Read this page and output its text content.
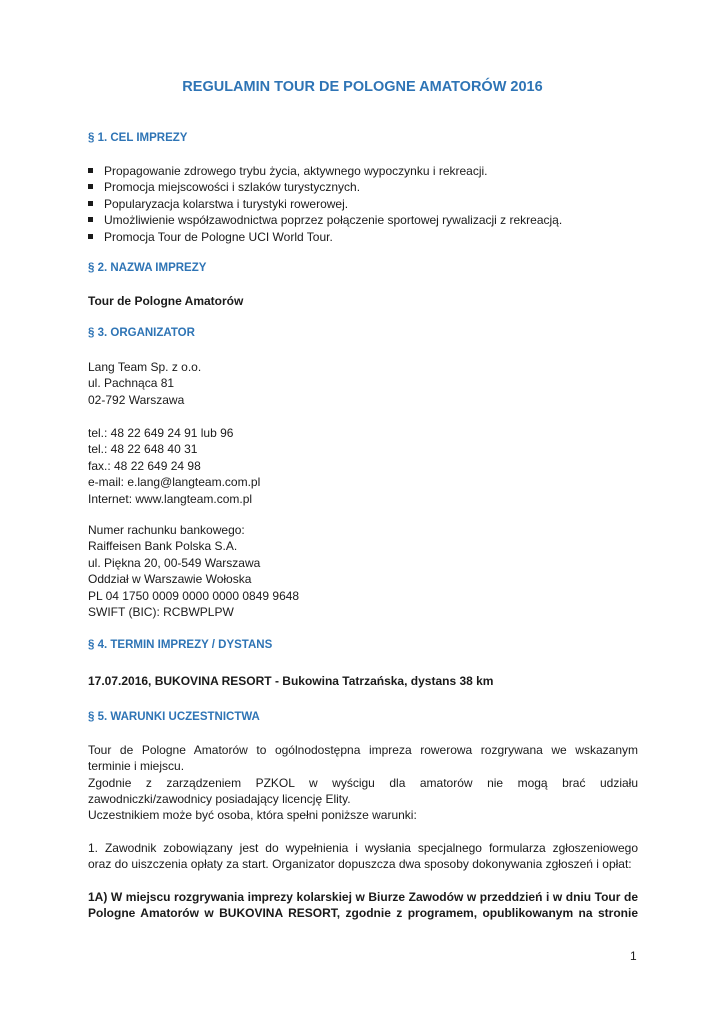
REGULAMIN TOUR DE POLOGNE AMATORÓW 2016
§ 1. CEL IMPREZY
Propagowanie zdrowego trybu życia, aktywnego wypoczynku i rekreacji.
Promocja miejscowości i szlaków turystycznych.
Popularyzacja kolarstwa i turystyki rowerowej.
Umożliwienie współzawodnictwa poprzez połączenie sportowej rywalizacji z rekreacją.
Promocja Tour de Pologne UCI World Tour.
§ 2. NAZWA IMPREZY
Tour de Pologne Amatorów
§ 3. ORGANIZATOR
Lang Team Sp. z o.o.
ul. Pachnąca 81
02-792 Warszawa
tel.: 48 22 649 24 91 lub 96
tel.: 48 22 648 40 31
fax.: 48 22 649 24 98
e-mail: e.lang@langteam.com.pl
Internet: www.langteam.com.pl
Numer rachunku bankowego:
Raiffeisen Bank Polska S.A.
ul. Piękna 20, 00-549 Warszawa
Oddział w Warszawie Wołoska
PL 04 1750 0009 0000 0000 0849 9648
SWIFT (BIC): RCBWPLPW
§ 4. TERMIN IMPREZY / DYSTANS
17.07.2016, BUKOVINA RESORT - Bukowina Tatrzańska, dystans 38 km
§ 5. WARUNKI UCZESTNICTWA
Tour de Pologne Amatorów to ogólnodostępna impreza rowerowa rozgrywana we wskazanym
terminie i miejscu.
Zgodnie z zarządzeniem PZKOL w wyścigu dla amatorów nie mogą brać udziału
zawodniczki/zawodnicy posiadający licencję Elity.
Uczestnikiem może być osoba, która spełni poniższe warunki:
1. Zawodnik zobowiązany jest do wypełnienia i wysłania specjalnego formularza zgłoszeniowego
oraz do uiszczenia opłaty za start. Organizator dopuszcza dwa sposoby dokonywania zgłoszeń i opłat:
1A) W miejscu rozgrywania imprezy kolarskiej w Biurze Zawodów w przeddzień i w dniu Tour de
Pologne Amatorów w BUKOVINA RESORT, zgodnie z programem, opublikowanym na stronie
1
